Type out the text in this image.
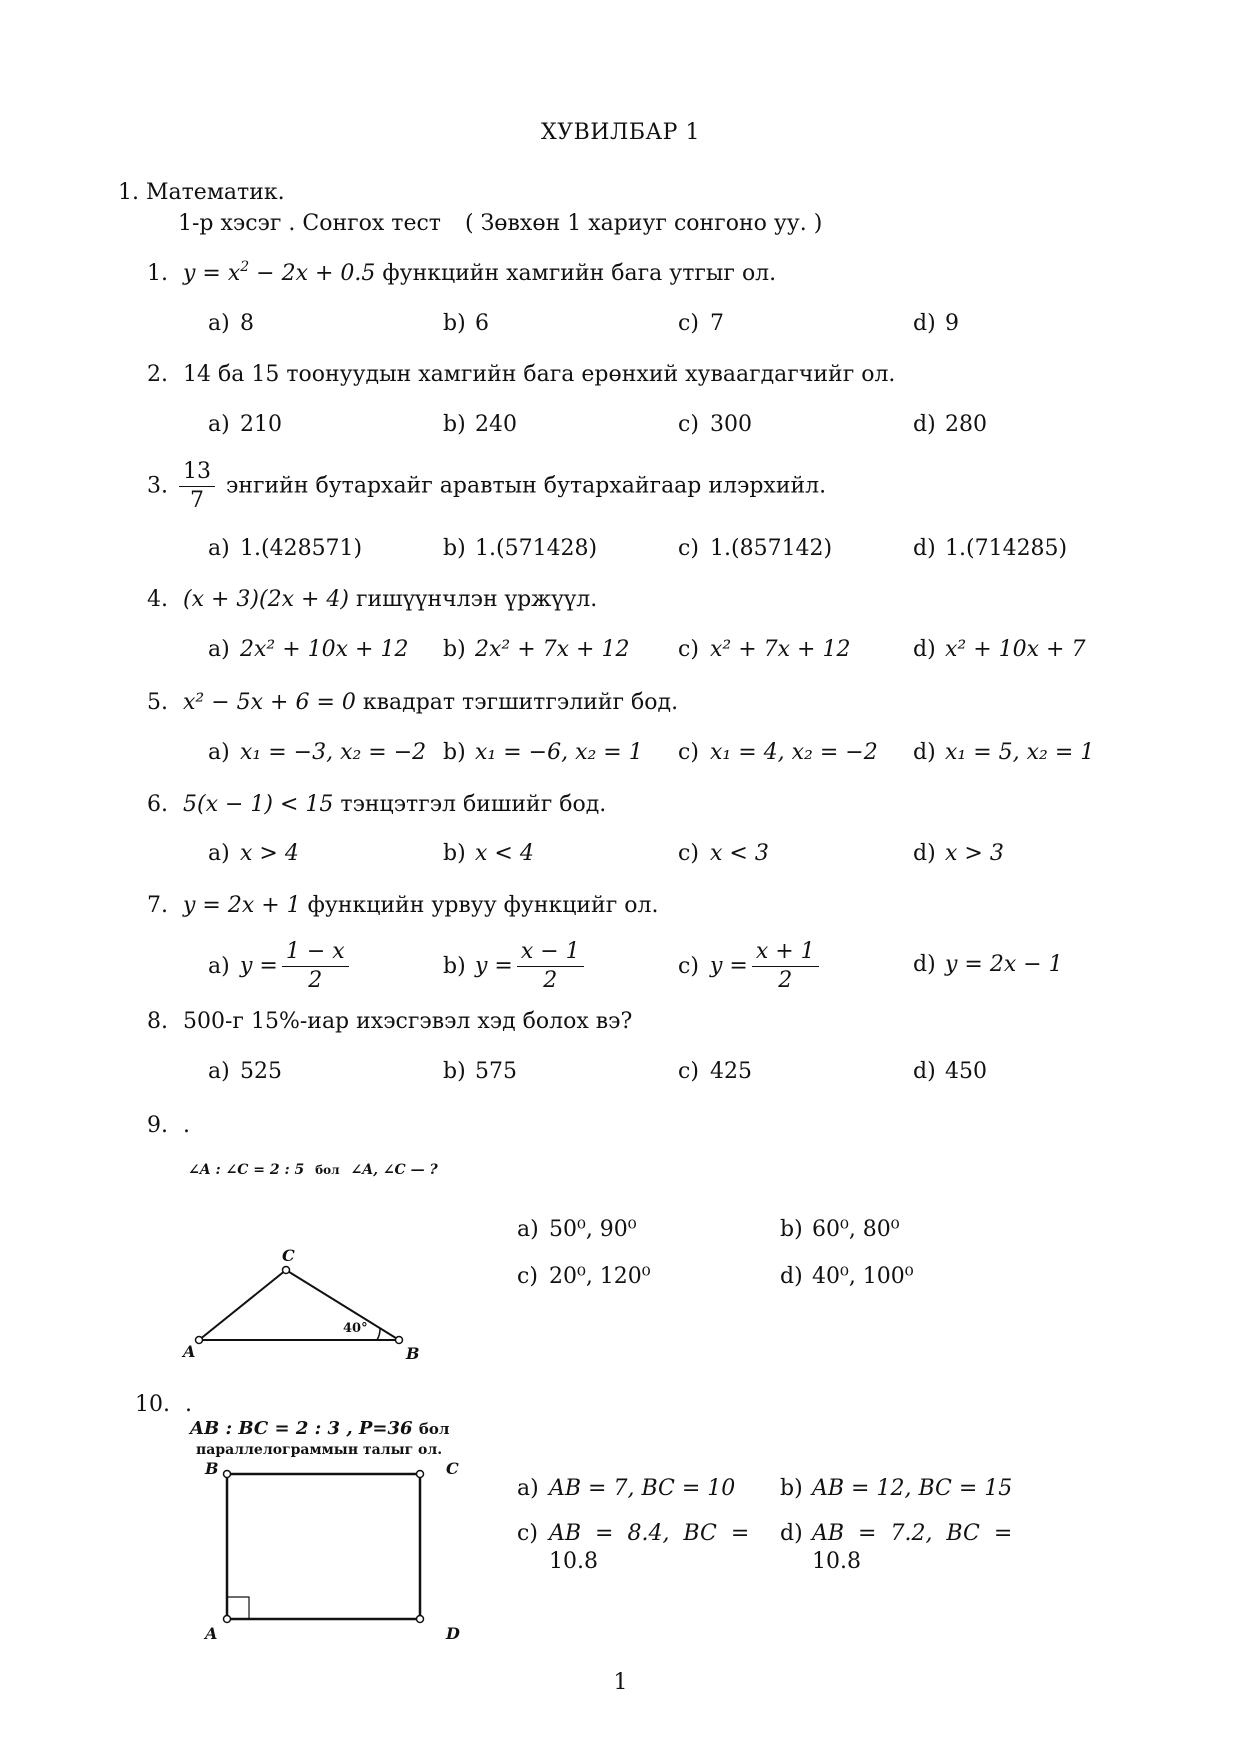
ХУВИЛБАР 1
1. Математик.
1-р хэсэг . Сонгох тест ( Зөвхөн 1 хариуг сонгоно уу. )
1. $y = x^2 - 2x + 0.5$ функцийн хамгийн бага утгыг ол.
a) 8	b) 6	c) 7	d) 9
2. 14 ба 15 тоонуудын хамгийн бага ерөнхий хуваагдагчийг ол.
a) 210	b) 240	c) 300	d) 280
3. $\frac{13}{7}$ энгийн бутархайг аравтын бутархайгаар илэрхийл.
a) 1.(428571)	b) 1.(571428)	c) 1.(857142)	d) 1.(714285)
4. (x + 3)(2x + 4) гишүүнчлэн үржүүл.
a) 2x² + 10x + 12 b) 2x² + 7x + 12 c) x² + 7x + 12	d) x² + 10x + 7
5. x² − 5x + 6 = 0 квадрат тэгшитгэлийг бод.
a) x₁ = −3, x₂ = −2 b) x₁ = −6, x₂ = 1 c) x₁ = 4, x₂ = −2 d) x₁ = 5, x₂ = 1
6. 5(x − 1) < 15 тэнцэтгэл бишийг бод.
a) x > 4	b) x < 4	c) x < 3	d) x > 3
7. y = 2x + 1 функцийн урвуу функцийг ол.
a) $y = \frac{1 - x}{2}$	b) $y = \frac{x - 1}{2}$	c) $y = \frac{x + 1}{2}$	d) y = 2x − 1
8. 500-г 15%-иар ихэсгэвэл хэд болох вэ?
a) 525	b) 575	c) 425	d) 450
9. .
∠A : ∠C = 2 : 5 бол ∠A, ∠C — ?
A	B
C
40°
a) 50⁰, 90⁰	b) 60⁰, 80⁰
c) 20⁰, 120⁰	d) 40⁰, 100⁰
10. .
AB : BC = 2 : 3 , P=36 бол
параллелограммын талыг ол.
B	C
A	D
a) AB = 7, BC = 10 b) AB = 12, BC = 15
c) AB  =  8.4,  BC  =
10.8
d) AB  =  7.2,  BC  =
10.8
1
